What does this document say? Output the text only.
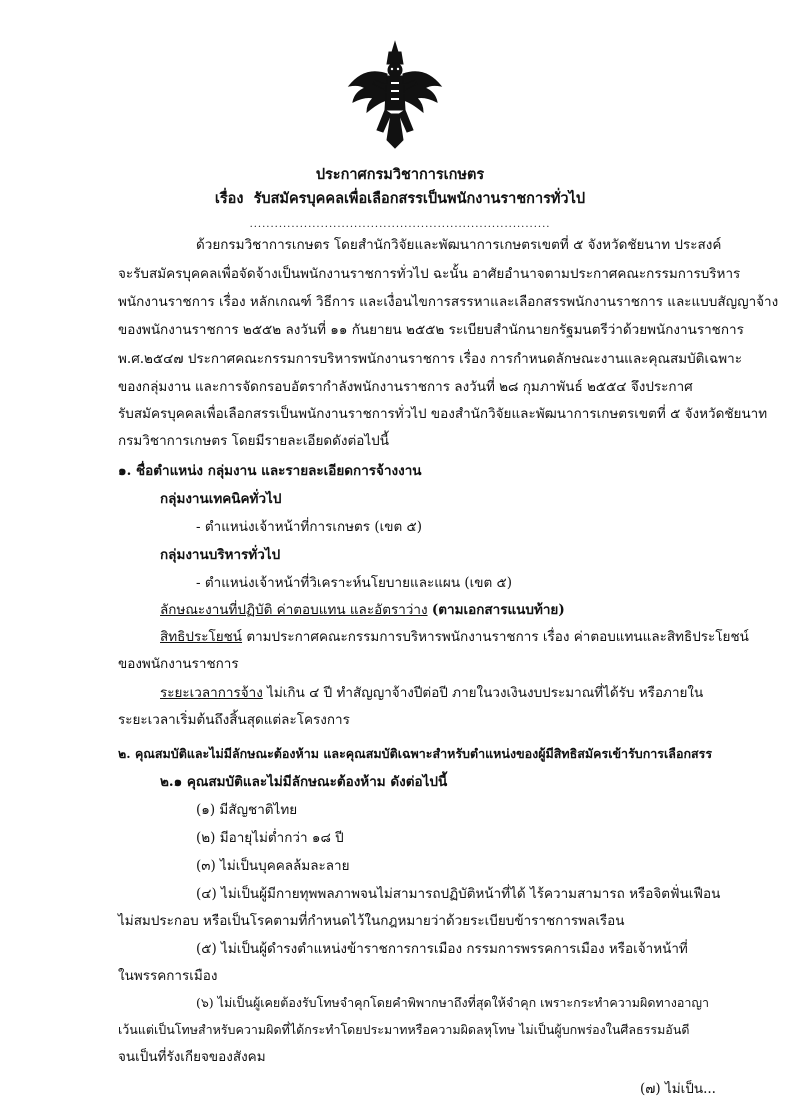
ประกาศกรมวิชาการเกษตร
เรื่อง รับสมัครบุคคลเพื่อเลือกสรรเป็นพนักงานราชการทั่วไป
........................................................................
ด้วยกรมวิชาการเกษตร โดยสำนักวิจัยและพัฒนาการเกษตรเขตที่ ๕ จังหวัดชัยนาท ประสงค์
จะรับสมัครบุคคลเพื่อจัดจ้างเป็นพนักงานราชการทั่วไป ฉะนั้น อาศัยอำนาจตามประกาศคณะกรรมการบริหาร
พนักงานราชการ เรื่อง หลักเกณฑ์ วิธีการ และเงื่อนไขการสรรหาและเลือกสรรพนักงานราชการ และแบบสัญญาจ้าง
ของพนักงานราชการ ๒๕๕๒ ลงวันที่ ๑๑ กันยายน ๒๕๕๒ ระเบียบสำนักนายกรัฐมนตรีว่าด้วยพนักงานราชการ
พ.ศ.๒๕๔๗ ประกาศคณะกรรมการบริหารพนักงานราชการ เรื่อง การกำหนดลักษณะงานและคุณสมบัติเฉพาะ
ของกลุ่มงาน และการจัดกรอบอัตรากำลังพนักงานราชการ ลงวันที่ ๒๘ กุมภาพันธ์ ๒๕๕๔ จึงประกาศ
รับสมัครบุคคลเพื่อเลือกสรรเป็นพนักงานราชการทั่วไป ของสำนักวิจัยและพัฒนาการเกษตรเขตที่ ๕ จังหวัดชัยนาท
กรมวิชาการเกษตร โดยมีรายละเอียดดังต่อไปนี้
๑. ชื่อตำแหน่ง กลุ่มงาน และรายละเอียดการจ้างงาน
กลุ่มงานเทคนิคทั่วไป
- ตำแหน่งเจ้าหน้าที่การเกษตร (เขต ๕)
กลุ่มงานบริหารทั่วไป
- ตำแหน่งเจ้าหน้าที่วิเคราะห์นโยบายและแผน (เขต ๕)
ลักษณะงานที่ปฏิบัติ ค่าตอบแทน และอัตราว่าง (ตามเอกสารแนบท้าย)
สิทธิประโยชน์ ตามประกาศคณะกรรมการบริหารพนักงานราชการ เรื่อง ค่าตอบแทนและสิทธิประโยชน์
ของพนักงานราชการ
ระยะเวลาการจ้าง ไม่เกิน ๔ ปี ทำสัญญาจ้างปีต่อปี ภายในวงเงินงบประมาณที่ได้รับ หรือภายใน
ระยะเวลาเริ่มต้นถึงสิ้นสุดแต่ละโครงการ
๒. คุณสมบัติและไม่มีลักษณะต้องห้าม และคุณสมบัติเฉพาะสำหรับตำแหน่งของผู้มีสิทธิสมัครเข้ารับการเลือกสรร
๒.๑ คุณสมบัติและไม่มีลักษณะต้องห้าม ดังต่อไปนี้
(๑) มีสัญชาติไทย
(๒) มีอายุไม่ต่ำกว่า ๑๘ ปี
(๓) ไม่เป็นบุคคลล้มละลาย
(๔) ไม่เป็นผู้มีกายทุพพลภาพจนไม่สามารถปฏิบัติหน้าที่ได้ ไร้ความสามารถ หรือจิตฟั่นเฟือน
ไม่สมประกอบ หรือเป็นโรคตามที่กำหนดไว้ในกฎหมายว่าด้วยระเบียบข้าราชการพลเรือน
(๕) ไม่เป็นผู้ดำรงตำแหน่งข้าราชการการเมือง กรรมการพรรคการเมือง หรือเจ้าหน้าที่
ในพรรคการเมือง
(๖) ไม่เป็นผู้เคยต้องรับโทษจำคุกโดยคำพิพากษาถึงที่สุดให้จำคุก เพราะกระทำความผิดทางอาญา
เว้นแต่เป็นโทษสำหรับความผิดที่ได้กระทำโดยประมาทหรือความผิดลหุโทษ ไม่เป็นผู้บกพร่องในศีลธรรมอันดี
จนเป็นที่รังเกียจของสังคม
(๗) ไม่เป็น...
